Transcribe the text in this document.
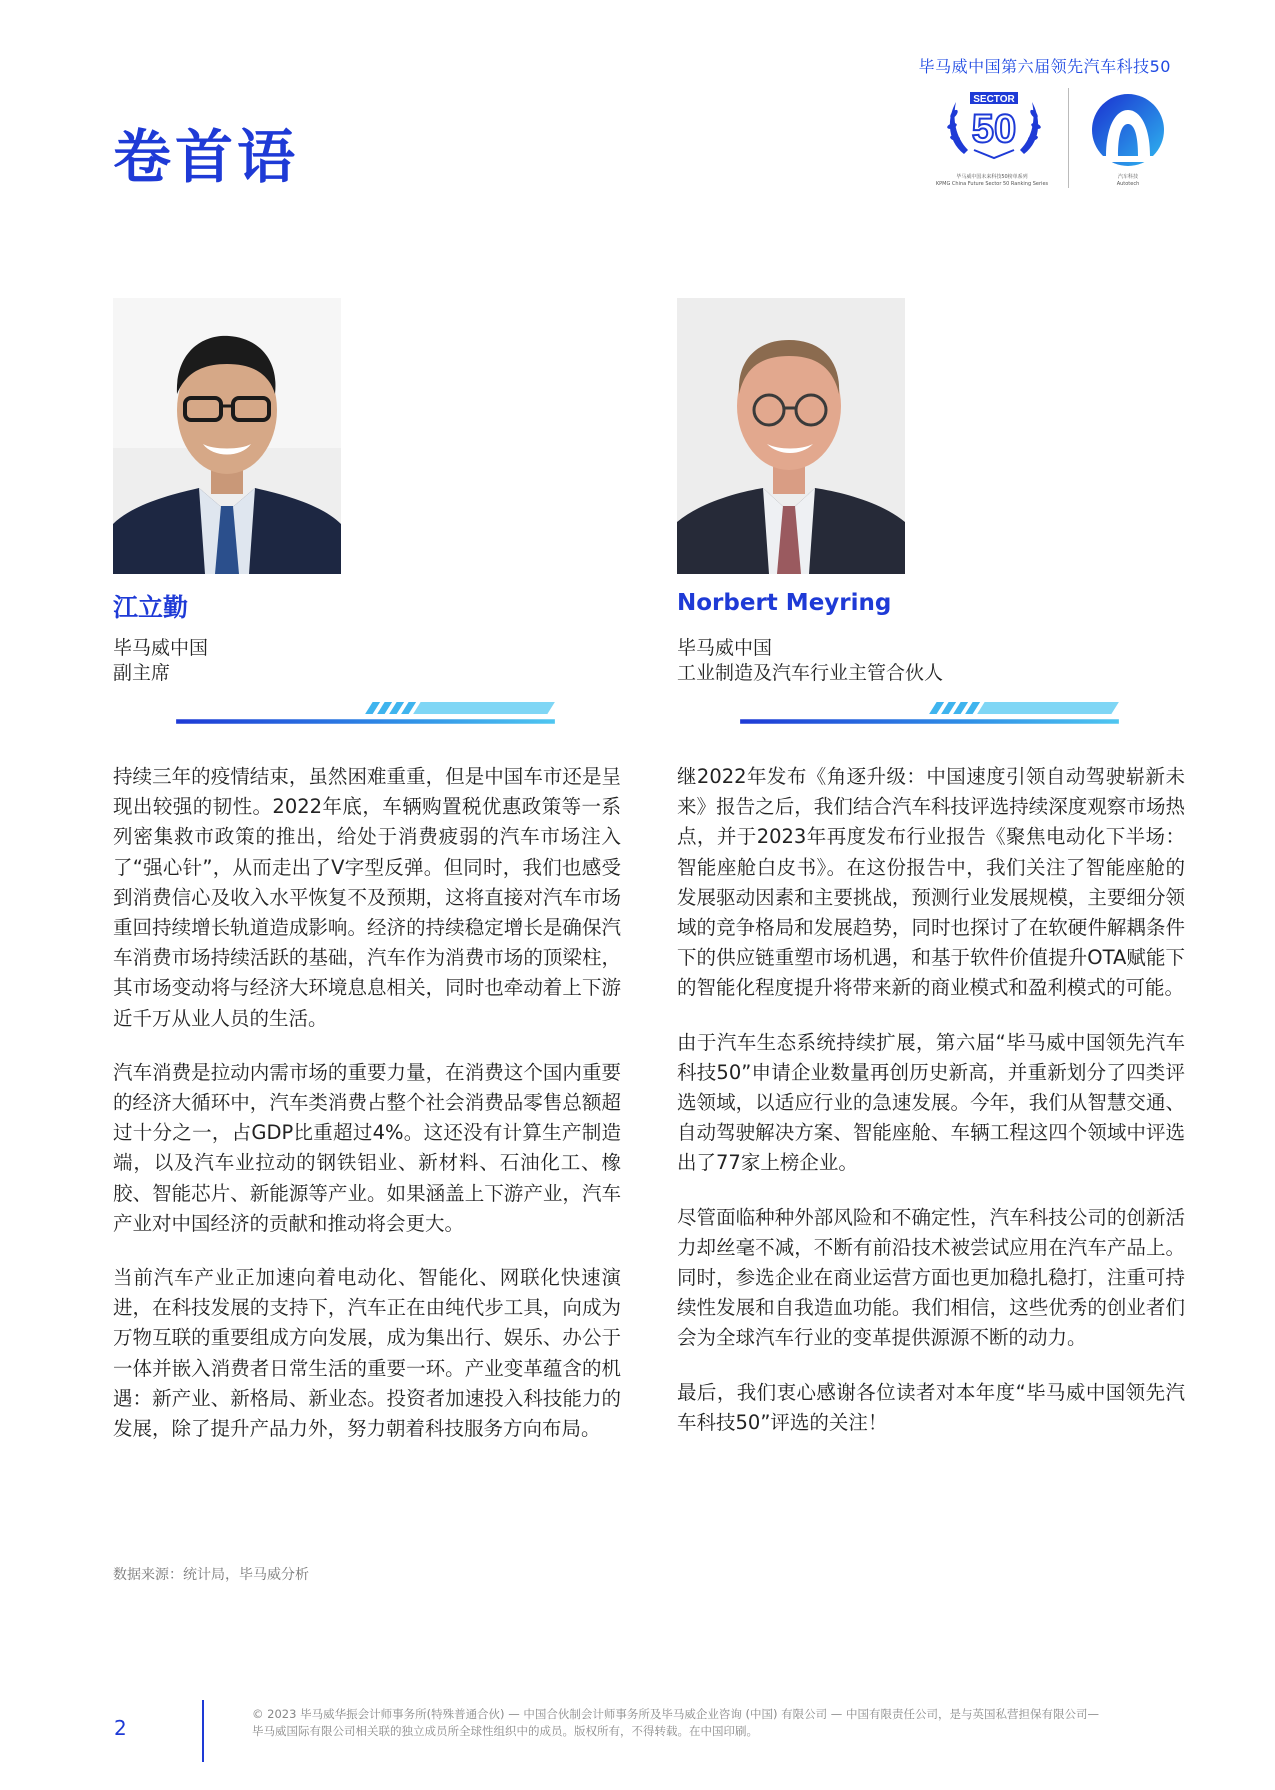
毕马威中国第六届领先汽车科技50
卷首语
SECTOR
50
毕马威中国未来科技50榜单系列
KPMG China Future Sector 50 Ranking Series
汽车科技
Autotech
江立勤
毕马威中国
副主席
Norbert Meyring
毕马威中国
工业制造及汽车行业主管合伙人

持续三年的疫情结束，虽然困难重重，但是中国车市还是呈现出较强的韧性。2022年底，车辆购置税优惠政策等一系列密集救市政策的推出，给处于消费疲弱的汽车市场注入了“强心针”，从而走出了V字型反弹。但同时，我们也感受到消费信心及收入水平恢复不及预期，这将直接对汽车市场重回持续增长轨道造成影响。经济的持续稳定增长是确保汽车消费市场持续活跃的基础，汽车作为消费市场的顶梁柱，其市场变动将与经济大环境息息相关，同时也牵动着上下游近千万从业人员的生活。

汽车消费是拉动内需市场的重要力量，在消费这个国内重要的经济大循环中，汽车类消费占整个社会消费品零售总额超过十分之一，占GDP比重超过4%。这还没有计算生产制造端，以及汽车业拉动的钢铁铝业、新材料、石油化工、橡胶、智能芯片、新能源等产业。如果涵盖上下游产业，汽车产业对中国经济的贡献和推动将会更大。

当前汽车产业正加速向着电动化、智能化、网联化快速演进，在科技发展的支持下，汽车正在由纯代步工具，向成为万物互联的重要组成方向发展，成为集出行、娱乐、办公于一体并嵌入消费者日常生活的重要一环。产业变革蕴含的机遇：新产业、新格局、新业态。投资者加速投入科技能力的发展，除了提升产品力外，努力朝着科技服务方向布局。

继2022年发布《角逐升级：中国速度引领自动驾驶崭新未来》报告之后，我们结合汽车科技评选持续深度观察市场热点，并于2023年再度发布行业报告《聚焦电动化下半场：智能座舱白皮书》。在这份报告中，我们关注了智能座舱的发展驱动因素和主要挑战，预测行业发展规模，主要细分领域的竞争格局和发展趋势，同时也探讨了在软硬件解耦条件下的供应链重塑市场机遇，和基于软件价值提升OTA赋能下的智能化程度提升将带来新的商业模式和盈利模式的可能。

由于汽车生态系统持续扩展，第六届“毕马威中国领先汽车科技50”申请企业数量再创历史新高，并重新划分了四类评选领域，以适应行业的急速发展。今年，我们从智慧交通、自动驾驶解决方案、智能座舱、车辆工程这四个领域中评选出了77家上榜企业。

尽管面临种种外部风险和不确定性，汽车科技公司的创新活力却丝毫不减，不断有前沿技术被尝试应用在汽车产品上。同时，参选企业在商业运营方面也更加稳扎稳打，注重可持续性发展和自我造血功能。我们相信，这些优秀的创业者们会为全球汽车行业的变革提供源源不断的动力。

最后，我们衷心感谢各位读者对本年度“毕马威中国领先汽车科技50”评选的关注！

数据来源：统计局，毕马威分析
2
© 2023 毕马威华振会计师事务所(特殊普通合伙) — 中国合伙制会计师事务所及毕马威企业咨询 (中国) 有限公司 — 中国有限责任公司，是与英国私营担保有限公司—
毕马威国际有限公司相关联的独立成员所全球性组织中的成员。版权所有，不得转载。在中国印刷。
